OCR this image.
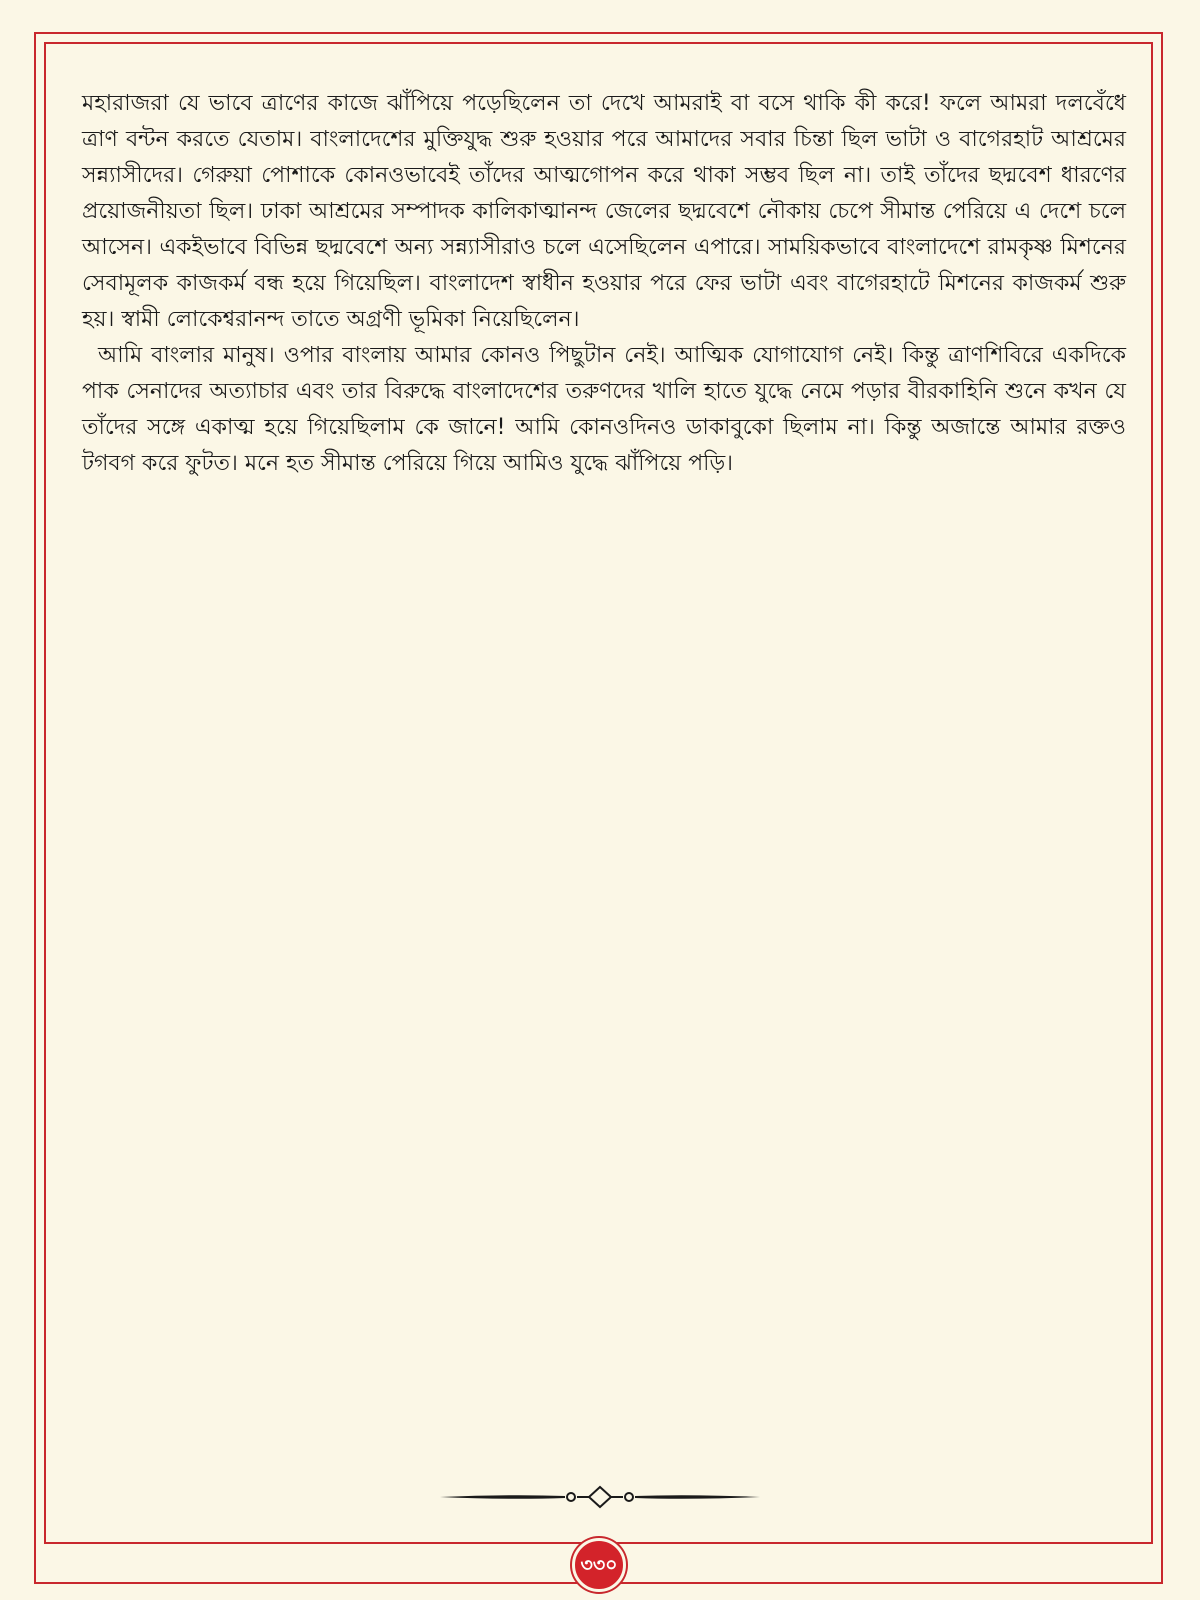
মহারাজরা যে ভাবে ত্রাণের কাজে ঝাঁপিয়ে পড়েছিলেন তা দেখে আমরাই বা বসে থাকি কী করে! ফলে আমরা দলবেঁধে ত্রাণ বন্টন করতে যেতাম। বাংলাদেশের মুক্তিযুদ্ধ শুরু হওয়ার পরে আমাদের সবার চিন্তা ছিল ভাটা ও বাগেরহাট আশ্রমের সন্ন্যাসীদের। গেরুয়া পোশাকে কোনওভাবেই তাঁদের আত্মগোপন করে থাকা সম্ভব ছিল না। তাই তাঁদের ছদ্মবেশ ধারণের প্রয়োজনীয়তা ছিল। ঢাকা আশ্রমের সম্পাদক কালিকাত্মানন্দ জেলের ছদ্মবেশে নৌকায় চেপে সীমান্ত পেরিয়ে এ দেশে চলে আসেন। একইভাবে বিভিন্ন ছদ্মবেশে অন্য সন্ন্যাসীরাও চলে এসেছিলেন এপারে। সাময়িকভাবে বাংলাদেশে রামকৃষ্ণ মিশনের সেবামূলক কাজকর্ম বন্ধ হয়ে গিয়েছিল। বাংলাদেশ স্বাধীন হওয়ার পরে ফের ভাটা এবং বাগেরহাটে মিশনের কাজকর্ম শুরু হয়। স্বামী লোকেশ্বরানন্দ তাতে অগ্রণী ভূমিকা নিয়েছিলেন।

আমি বাংলার মানুষ। ওপার বাংলায় আমার কোনও পিছুটান নেই। আত্মিক যোগাযোগ নেই। কিন্তু ত্রাণশিবিরে একদিকে পাক সেনাদের অত্যাচার এবং তার বিরুদ্ধে বাংলাদেশের তরুণদের খালি হাতে যুদ্ধে নেমে পড়ার বীরকাহিনি শুনে কখন যে তাঁদের সঙ্গে একাত্ম হয়ে গিয়েছিলাম কে জানে! আমি কোনওদিনও ডাকাবুকো ছিলাম না। কিন্তু অজান্তে আমার রক্তও টগবগ করে ফুটত। মনে হত সীমান্ত পেরিয়ে গিয়ে আমিও যুদ্ধে ঝাঁপিয়ে পড়ি।

৩৩০
